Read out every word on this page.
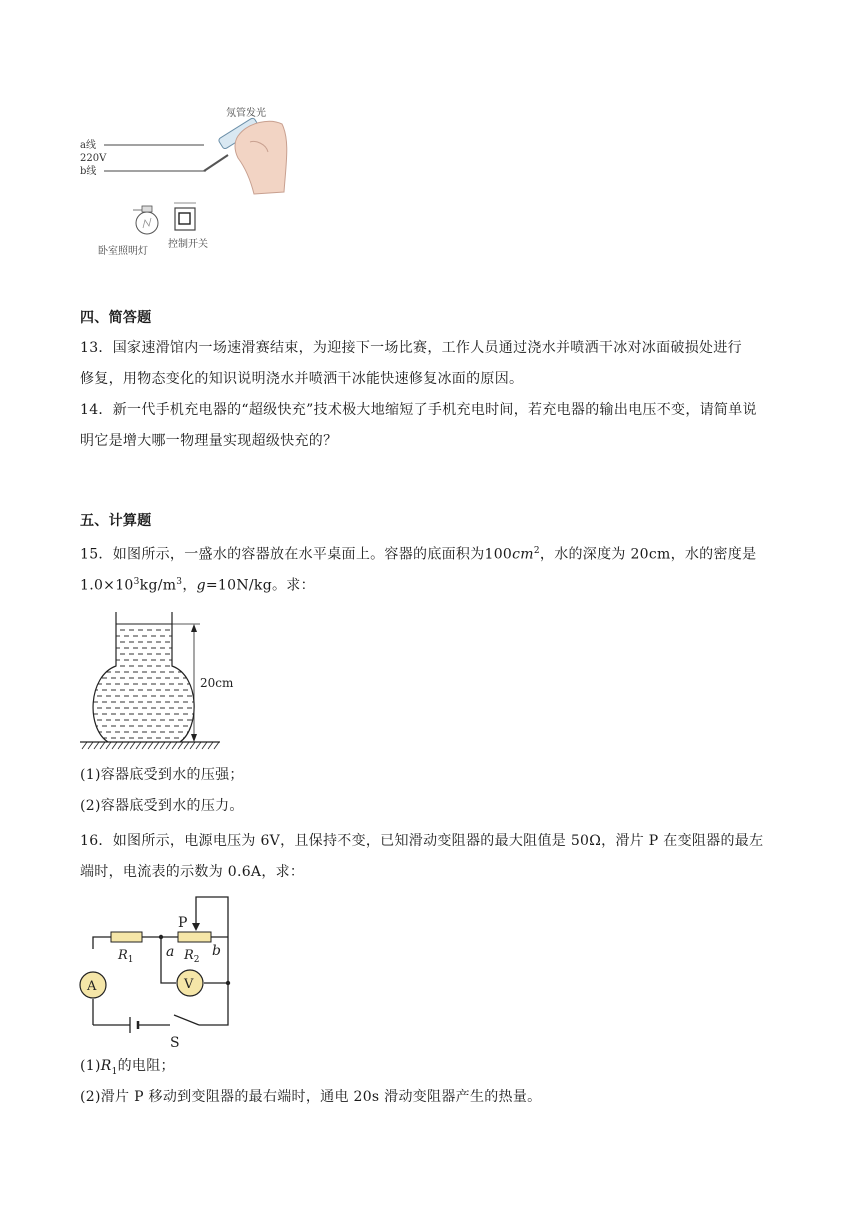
氖管发光
a线
220V
b线
卧室照明灯
控制开关
四、简答题
13．国家速滑馆内一场速滑赛结束，为迎接下一场比赛，工作人员通过浇水并喷洒干冰对冰面破损处进行
修复，用物态变化的知识说明浇水并喷洒干冰能快速修复冰面的原因。
14．新一代手机充电器的“超级快充”技术极大地缩短了手机充电时间，若充电器的输出电压不变，请简单说
明它是增大哪一物理量实现超级快充的？
五、计算题
15．如图所示，一盛水的容器放在水平桌面上。容器的底面积为$100cm^2$，水的深度为 20cm，水的密度是
$1.0\times 10^3kg/m^3$，g=10N/kg。求：
20cm
(1)容器底受到水的压强；
(2)容器底受到水的压力。
16．如图所示，电源电压为 6V，且保持不变，已知滑动变阻器的最大阻值是 50Ω，滑片 P 在变阻器的最左
端时，电流表的示数为 0.6A，求：
A	V
P
$R_1$ a $R_2$
b
S
$(1)R_1$的电阻；
(2)滑片 P 移动到变阻器的最右端时，通电 20s 滑动变阻器产生的热量。
